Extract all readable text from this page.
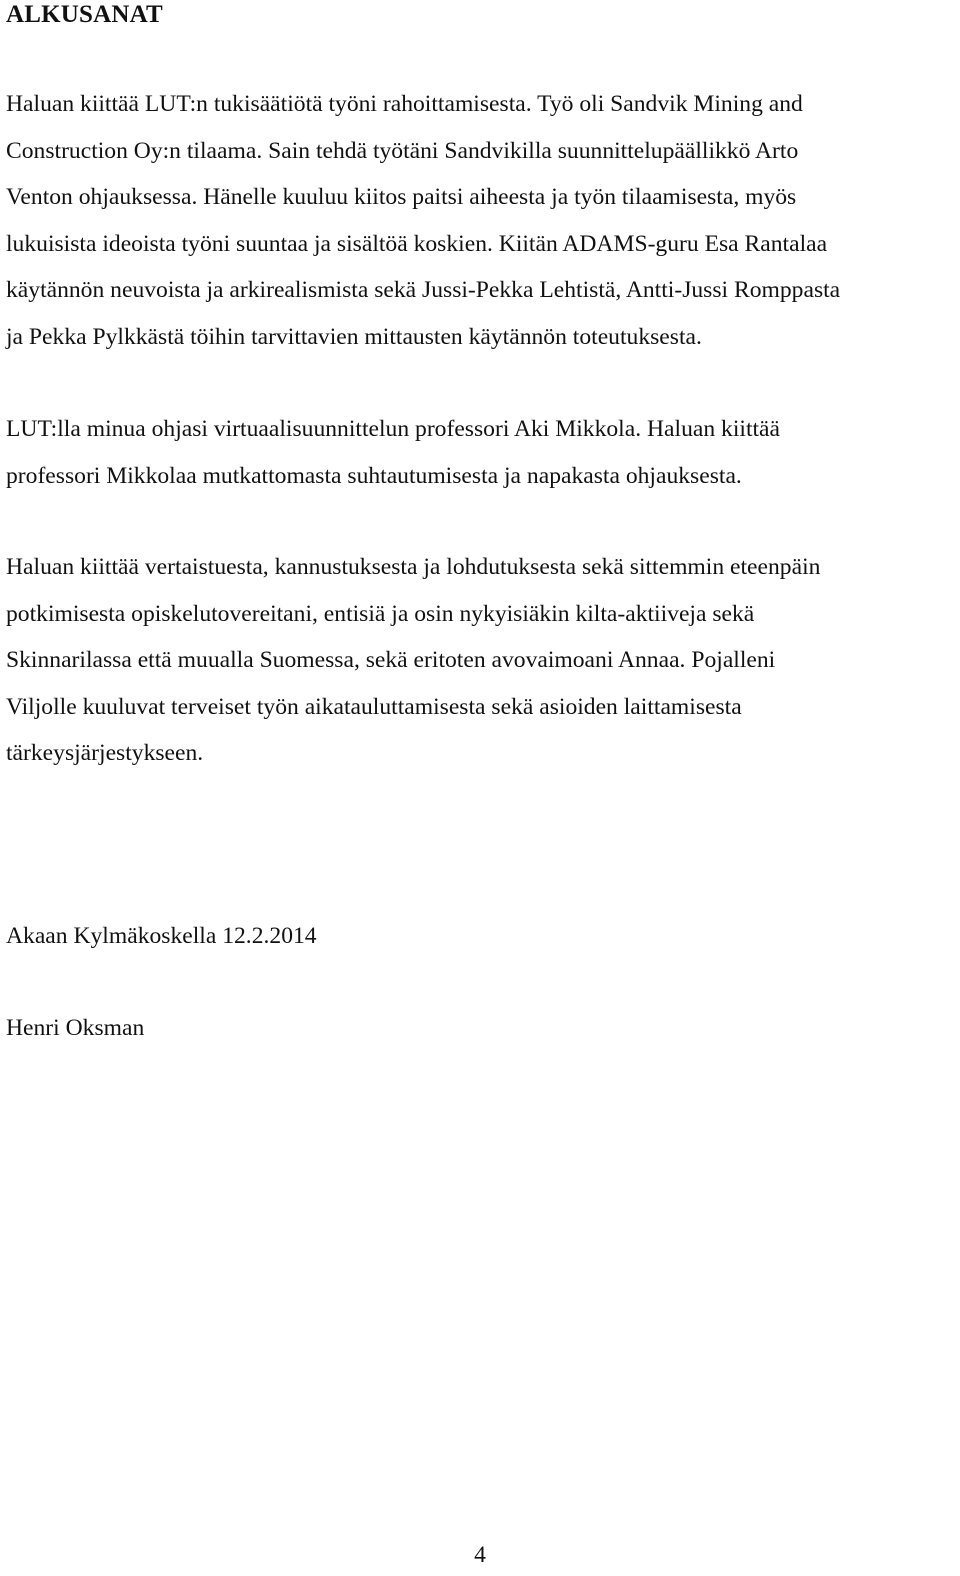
ALKUSANAT

Haluan kiittää LUT:n tukisäätiötä työni rahoittamisesta. Työ oli Sandvik Mining and
Construction Oy:n tilaama. Sain tehdä työtäni Sandvikilla suunnittelupäällikkö Arto
Venton ohjauksessa. Hänelle kuuluu kiitos paitsi aiheesta ja työn tilaamisesta, myös
lukuisista ideoista työni suuntaa ja sisältöä koskien. Kiitän ADAMS-guru Esa Rantalaa
käytännön neuvoista ja arkirealismista sekä Jussi-Pekka Lehtistä, Antti-Jussi Romppasta
ja Pekka Pylkkästä töihin tarvittavien mittausten käytännön toteutuksesta.

LUT:lla minua ohjasi virtuaalisuunnittelun professori Aki Mikkola. Haluan kiittää
professori Mikkolaa mutkattomasta suhtautumisesta ja napakasta ohjauksesta.

Haluan kiittää vertaistuesta, kannustuksesta ja lohdutuksesta sekä sittemmin eteenpäin
potkimisesta opiskelutovereitani, entisiä ja osin nykyisiäkin kilta-aktiiveja sekä
Skinnarilassa että muualla Suomessa, sekä eritoten avovaimoani Annaa. Pojalleni
Viljolle kuuluvat terveiset työn aikatauluttamisesta sekä asioiden laittamisesta
tärkeysjärjestykseen.

Akaan Kylmäkoskella 12.2.2014
Henri Oksman
4
